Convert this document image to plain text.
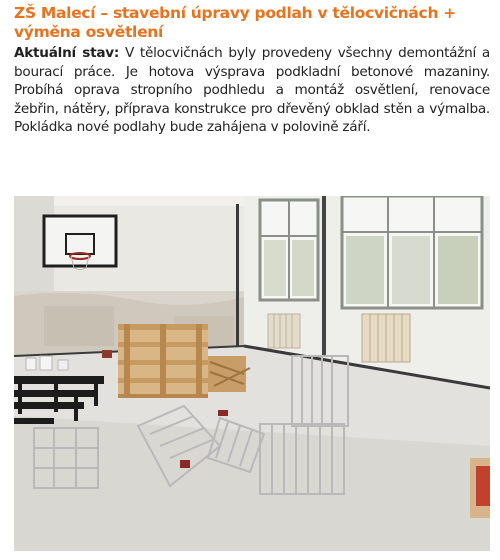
ZŠ Malecí – stavební úpravy podlah v tělocvičnách + výměna osvětlení

Aktuální stav: V tělocvičnách byly provedeny všechny demontážní a bourací práce. Je hotova výsprava podkladní betonové mazaniny. Probíhá oprava stropního podhledu a montáž osvětlení, renovace žebřin, nátěry, příprava konstrukce pro dřevěný obklad stěn a výmalba. Pokládka nové podlahy bude zahájena v polovině září.
